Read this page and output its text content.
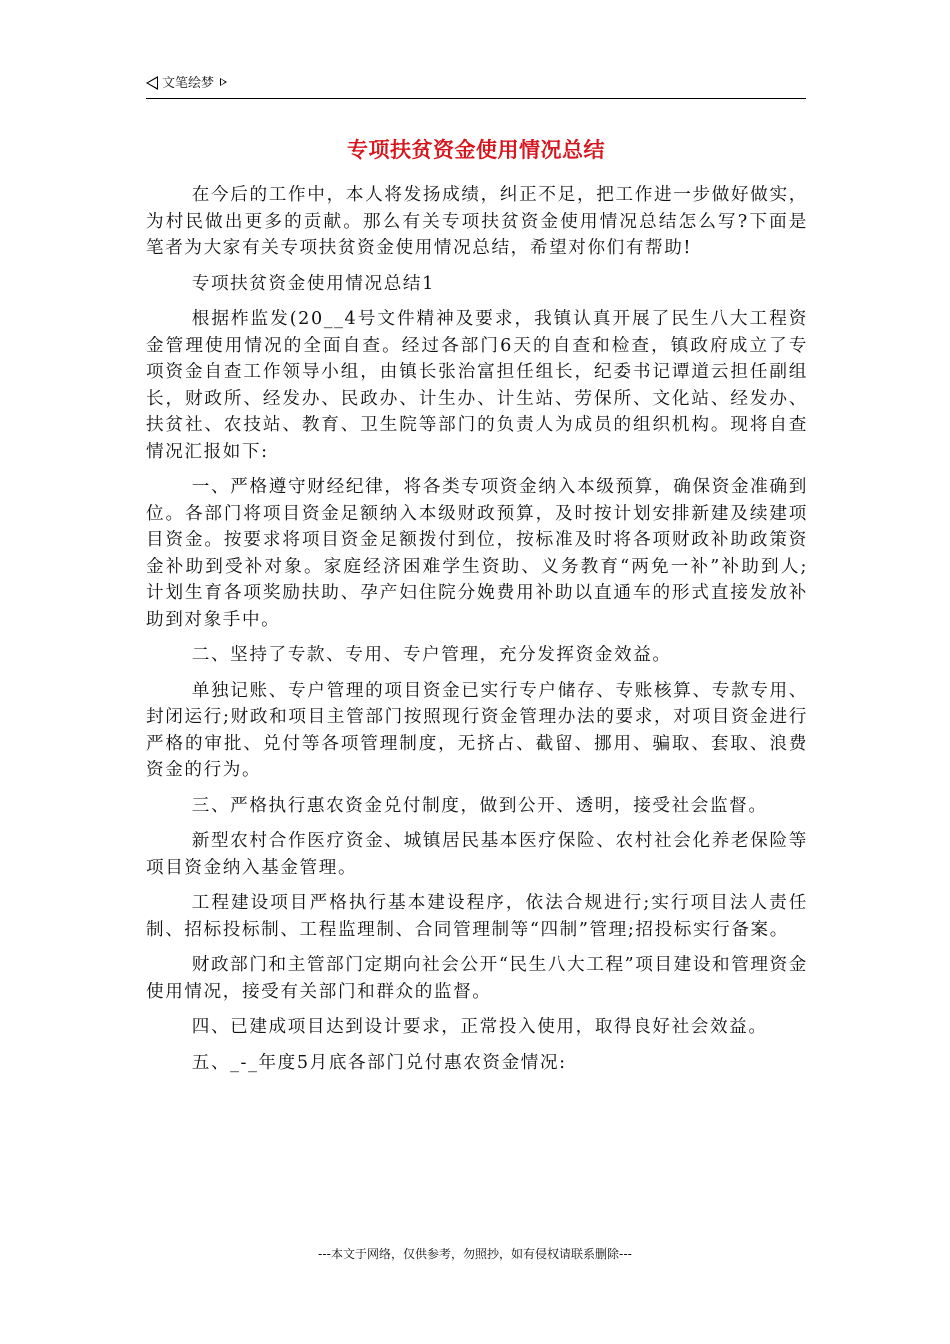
文笔绘梦
专项扶贫资金使用情况总结

在今后的工作中，本人将发扬成绩，纠正不足，把工作进一步做好做实，为村民做出更多的贡献。那么有关专项扶贫资金使用情况总结怎么写?下面是笔者为大家有关专项扶贫资金使用情况总结，希望对你们有帮助!

专项扶贫资金使用情况总结1

根据柞监发(20__4号文件精神及要求，我镇认真开展了民生八大工程资金管理使用情况的全面自查。经过各部门6天的自查和检查，镇政府成立了专项资金自查工作领导小组，由镇长张治富担任组长，纪委书记谭道云担任副组长，财政所、经发办、民政办、计生办、计生站、劳保所、文化站、经发办、扶贫社、农技站、教育、卫生院等部门的负责人为成员的组织机构。现将自查情况汇报如下:

一、严格遵守财经纪律，将各类专项资金纳入本级预算，确保资金准确到位。各部门将项目资金足额纳入本级财政预算，及时按计划安排新建及续建项目资金。按要求将项目资金足额拨付到位，按标准及时将各项财政补助政策资金补助到受补对象。家庭经济困难学生资助、义务教育“两免一补”补助到人;计划生育各项奖励扶助、孕产妇住院分娩费用补助以直通车的形式直接发放补助到对象手中。

二、坚持了专款、专用、专户管理，充分发挥资金效益。

单独记账、专户管理的项目资金已实行专户储存、专账核算、专款专用、封闭运行;财政和项目主管部门按照现行资金管理办法的要求，对项目资金进行严格的审批、兑付等各项管理制度，无挤占、截留、挪用、骗取、套取、浪费资金的行为。

三、严格执行惠农资金兑付制度，做到公开、透明，接受社会监督。

新型农村合作医疗资金、城镇居民基本医疗保险、农村社会化养老保险等项目资金纳入基金管理。

工程建设项目严格执行基本建设程序，依法合规进行;实行项目法人责任制、招标投标制、工程监理制、合同管理制等“四制”管理;招投标实行备案。

财政部门和主管部门定期向社会公开“民生八大工程”项目建设和管理资金使用情况，接受有关部门和群众的监督。

四、已建成项目达到设计要求，正常投入使用，取得良好社会效益。

五、_-_年度5月底各部门兑付惠农资金情况:

---本文于网络，仅供参考，勿照抄，如有侵权请联系删除---
